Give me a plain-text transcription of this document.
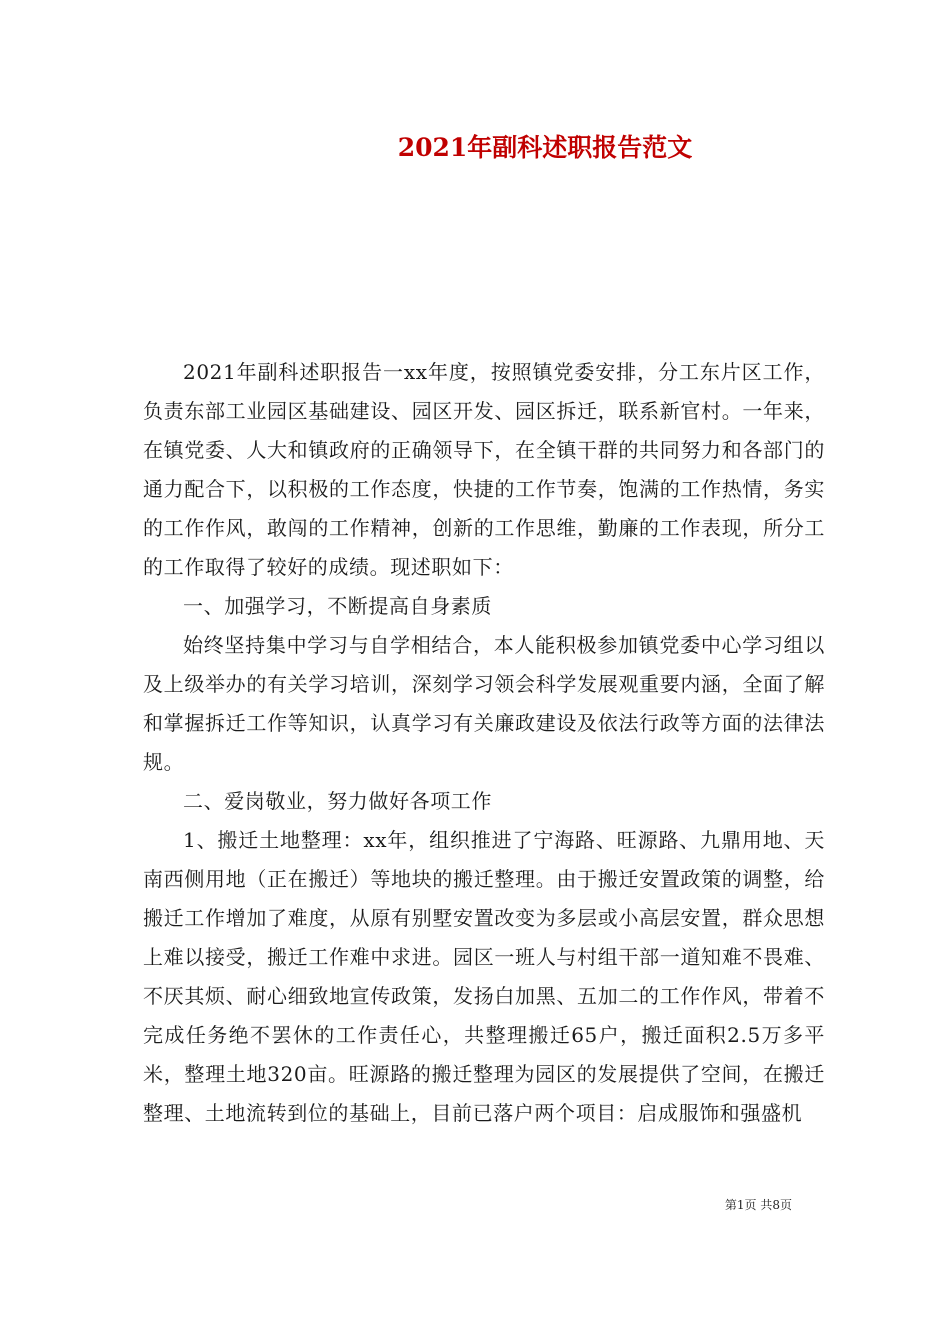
2021年副科述职报告范文

2021年副科述职报告一xx年度，按照镇党委安排，分工东片区工作，负责东部工业园区基础建设、园区开发、园区拆迁，联系新官村。一年来，在镇党委、人大和镇政府的正确领导下，在全镇干群的共同努力和各部门的通力配合下，以积极的工作态度，快捷的工作节奏，饱满的工作热情，务实的工作作风，敢闯的工作精神，创新的工作思维，勤廉的工作表现，所分工的工作取得了较好的成绩。现述职如下：

一、加强学习，不断提高自身素质

始终坚持集中学习与自学相结合，本人能积极参加镇党委中心学习组以及上级举办的有关学习培训，深刻学习领会科学发展观重要内涵，全面了解和掌握拆迁工作等知识，认真学习有关廉政建设及依法行政等方面的法律法规。

二、爱岗敬业，努力做好各项工作

1、搬迁土地整理：xx年，组织推进了宁海路、旺源路、九鼎用地、天南西侧用地（正在搬迁）等地块的搬迁整理。由于搬迁安置政策的调整，给搬迁工作增加了难度，从原有别墅安置改变为多层或小高层安置，群众思想上难以接受，搬迁工作难中求进。园区一班人与村组干部一道知难不畏难、不厌其烦、耐心细致地宣传政策，发扬白加黑、五加二的工作作风，带着不完成任务绝不罢休的工作责任心，共整理搬迁65户，搬迁面积2.5万多平米，整理土地320亩。旺源路的搬迁整理为园区的发展提供了空间，在搬迁整理、土地流转到位的基础上，目前已落户两个项目：启成服饰和强盛机

第1页 共8页
